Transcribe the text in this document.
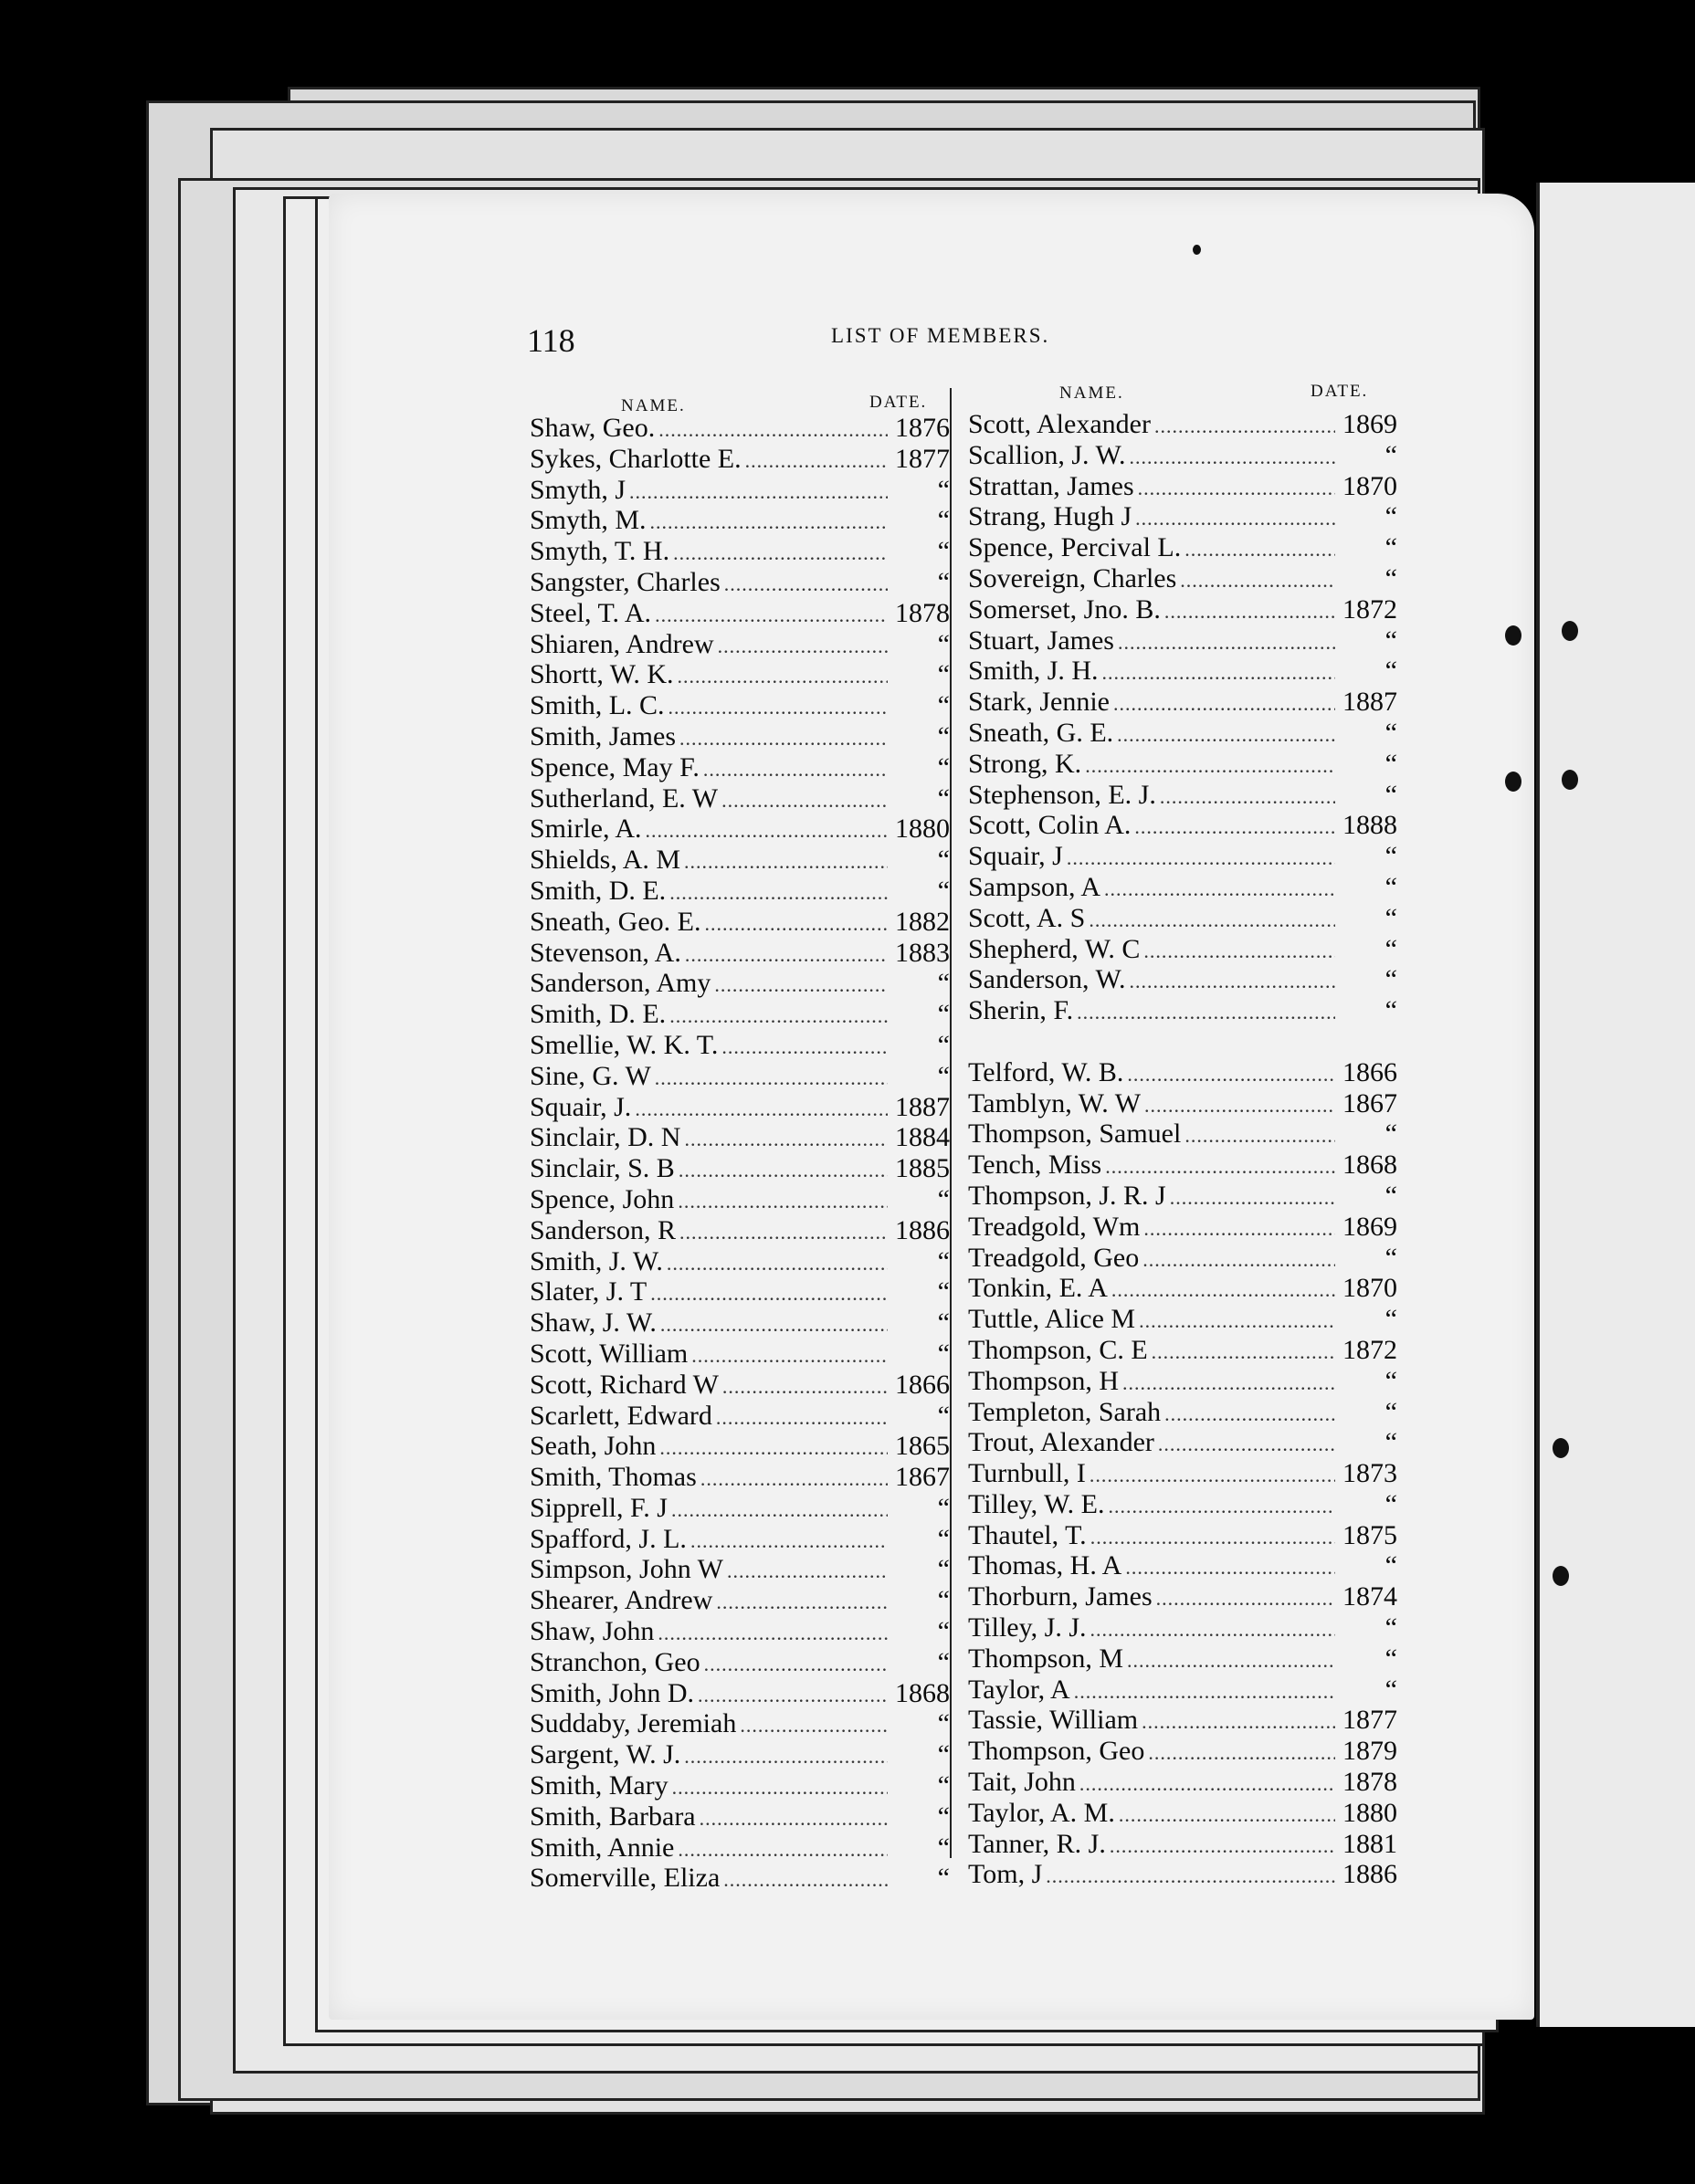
118	LIST OF MEMBERS.
NAME.	DATE.	NAME.	DATE.
Shaw, Geo. .....	1876
Sykes, Charlotte E. .....	1877
Smyth, J .....	“
Smyth, M. .....	“
Smyth, T. H. .....	“
Sangster, Charles .....	“
Steel, T. A. .....	1878
Shiaren, Andrew .....	“
Shortt, W. K. .....	“
Smith, L. C. .....	“
Smith, James .....	“
Spence, May F. .....	“
Sutherland, E. W .....	“
Smirle, A. .....	1880
Shields, A. M .....	“
Smith, D. E. .....	“
Sneath, Geo. E. .....	1882
Stevenson, A. .....	1883
Sanderson, Amy .....	“
Smith, D. E. .....	“
Smellie, W. K. T. .....	“
Sine, G. W .....	“
Squair, J. .....	1887
Sinclair, D. N .....	1884
Sinclair, S. B .....	1885
Spence, John .....	“
Sanderson, R .....	1886
Smith, J. W. .....	“
Slater, J. T .....	“
Shaw, J. W. .....	“
Scott, William .....	“
Scott, Richard W .....	1866
Scarlett, Edward .....	“
Seath, John .....	1865
Smith, Thomas .....	1867
Sipprell, F. J .....	“
Spafford, J. L. .....	“
Simpson, John W .....	“
Shearer, Andrew .....	“
Shaw, John .....	“
Stranchon, Geo .....	“
Smith, John D. .....	1868
Suddaby, Jeremiah .....	“
Sargent, W. J. .....	“
Smith, Mary .....	“
Smith, Barbara .....	“
Smith, Annie .....	“
Somerville, Eliza .....	“
Scott, Alexander .....	1869
Scallion, J. W. .....	“
Strattan, James .....	1870
Strang, Hugh J .....	“
Spence, Percival L. .....	“
Sovereign, Charles .....	“
Somerset, Jno. B. .....	1872
Stuart, James .....	“
Smith, J. H. .....	“
Stark, Jennie .....	1887
Sneath, G. E. .....	“
Strong, K. .....	“
Stephenson, E. J. .....	“
Scott, Colin A. .....	1888
Squair, J .....	“
Sampson, A .....	“
Scott, A. S .....	“
Shepherd, W. C .....	“
Sanderson, W. .....	“
Sherin, F. .....	“
Telford, W. B. .....	1866
Tamblyn, W. W .....	1867
Thompson, Samuel .....	“
Tench, Miss .....	1868
Thompson, J. R. J .....	“
Treadgold, Wm .....	1869
Treadgold, Geo .....	“
Tonkin, E. A .....	1870
Tuttle, Alice M .....	“
Thompson, C. E .....	1872
Thompson, H .....	“
Templeton, Sarah .....	“
Trout, Alexander .....	“
Turnbull, I .....	1873
Tilley, W. E. .....	“
Thautel, T. .....	1875
Thomas, H. A .....	“
Thorburn, James .....	1874
Tilley, J. J. .....	“
Thompson, M .....	“
Taylor, A .....	“
Tassie, William .....	1877
Thompson, Geo .....	1879
Tait, John .....	1878
Taylor, A. M. .....	1880
Tanner, R. J. .....	1881
Tom, J .....	1886
